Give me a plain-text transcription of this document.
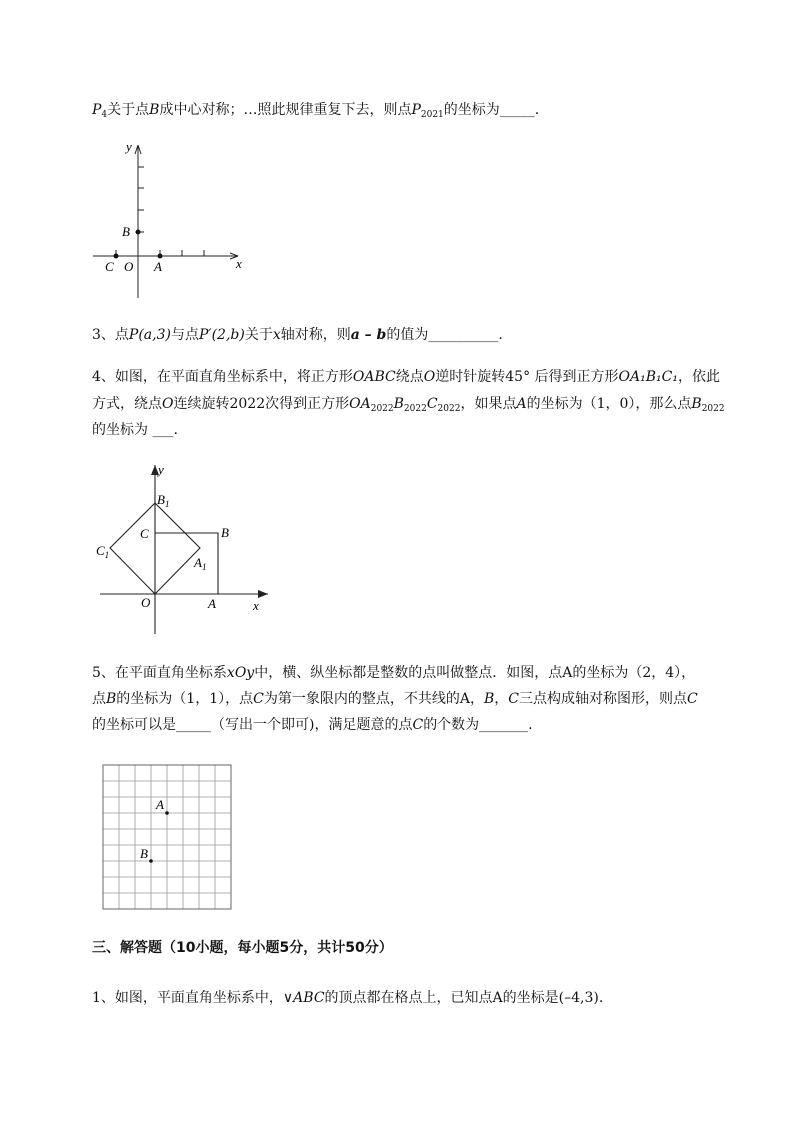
$P_4$关于点B成中心对称；…照此规律重复下去，则点$P_{2021}$的坐标为_____.
y
x
B
C O A
3、点P(a,3)与点P′(2,b)关于x轴对称，则a – b的值为__________.
4、如图，在平面直角坐标系中，将正方形OABC绕点O逆时针旋转45° 后得到正方形OA₁B₁C₁，依此
方式，绕点O连续旋转2022次得到正方形$OA_{2022}B_{2022}C_{2022}$，如果点A的坐标为（1，0），那么点$B_{2022}$
的坐标为 ___.
y
x
$B_1$
C	B
$C_1$	$A_1$
O	A
5、在平面直角坐标系xOy中，横、纵坐标都是整数的点叫做整点．如图，点A的坐标为（2，4），
点B的坐标为（1，1），点C为第一象限内的整点，不共线的A，B，C三点构成轴对称图形，则点C
的坐标可以是_____（写出一个即可)，满足题意的点C的个数为_______.
A
B
三、解答题（10小题，每小题5分，共计50分）
1、如图，平面直角坐标系中，∨ABC的顶点都在格点上，已知点A的坐标是(–4,3).
